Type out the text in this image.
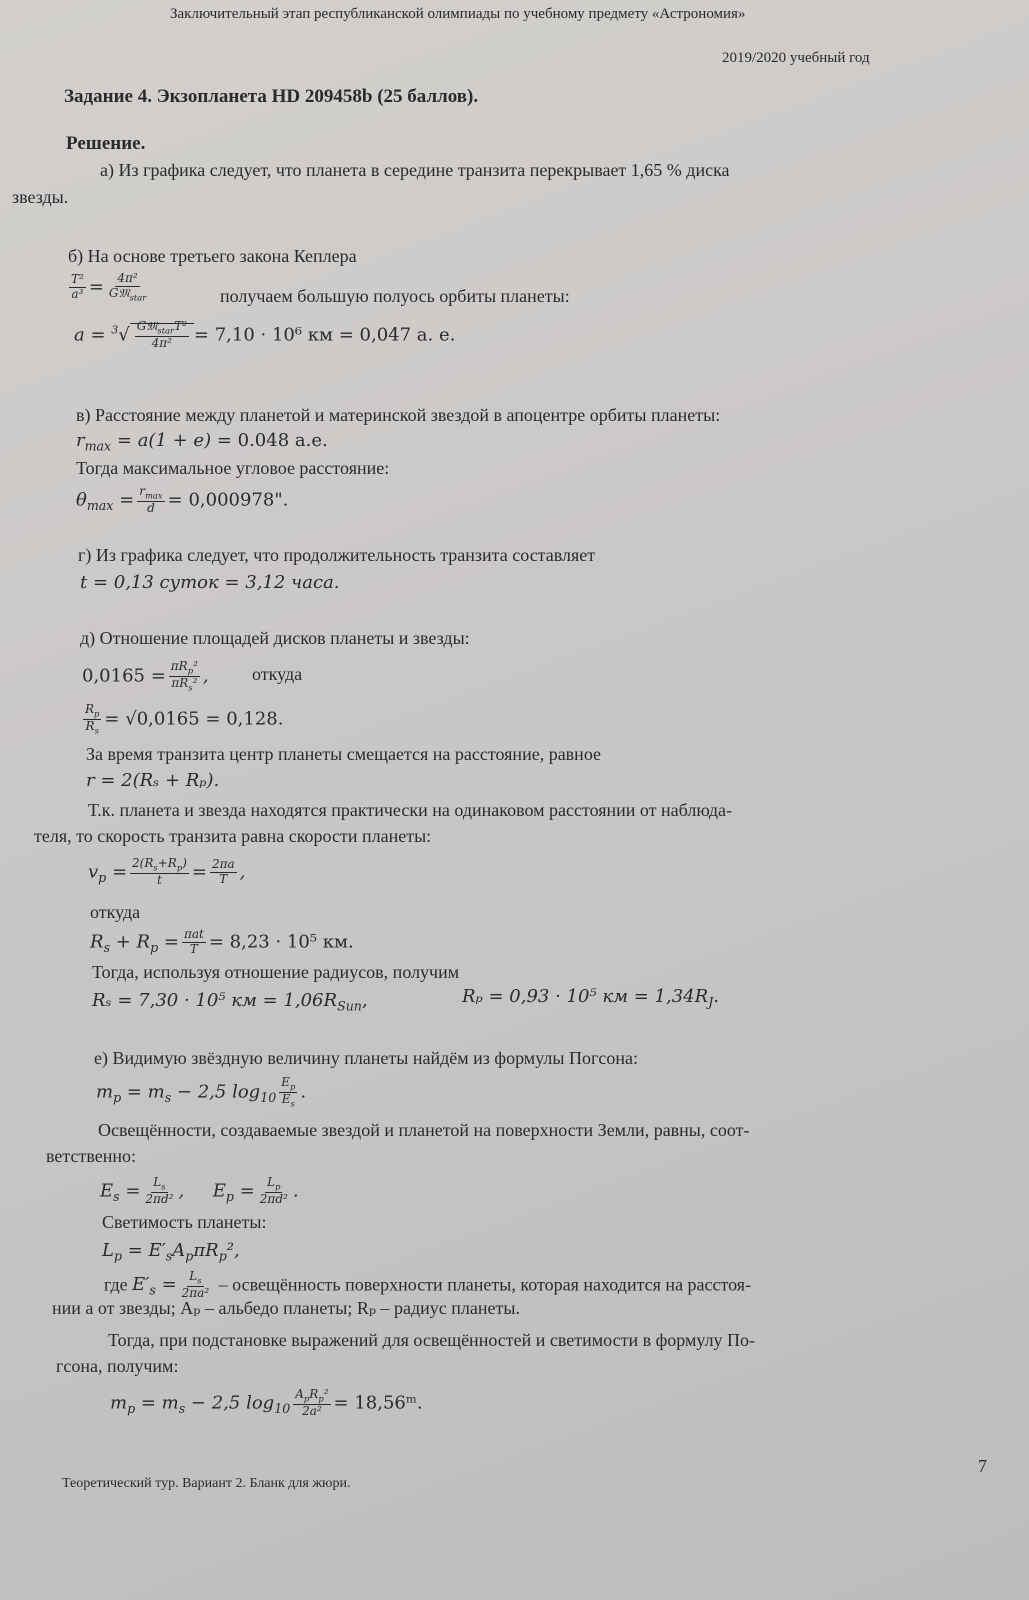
Заключительный этап республиканской олимпиады по учебному предмету «Астрономия»
2019/2020 учебный год
Задание 4. Экзопланета HD 209458b (25 баллов).
Решение.
а) Из графика следует, что планета в середине транзита перекрывает 1,65 % диска
звезды.
б) На основе третьего закона Кеплера
$\frac{\text{T²}}{\text{a³}} = \frac{\text{4π²}}{G𝔐_{star}}$	получаем большую полуось орбиты планеты:
$a = ^3√ \frac{G𝔐_{star}T^2}{\text{4π²}} = 7,10 \cdot 10^6$ км = 0,047 а. е.
в) Расстояние между планетой и материнской звездой в апоцентре орбиты планеты:
$r_{max} = a(1 + e) = 0.048$ а.е.
Тогда максимальное угловое расстояние:
$\theta_{max} = \frac{r_{max}}{d} = 0,000978$".
г) Из графика следует, что продолжительность транзита составляет
t = 0,13 суток = 3,12 часа.
д) Отношение площадей дисков планеты и звезды:
$0,0165 = \frac{\pi R_p^2}{\pi R_s^2}$ , откуда
$\frac{R_p}{R_s} = √0,0165 = 0,128$.
За время транзита центр планеты смещается на расстояние, равное
r = 2(Rₛ + Rₚ).
Т.к. планета и звезда находятся практически на одинаковом расстоянии от наблюда-
теля, то скорость транзита равна скорости планеты:
$v_p = \frac{2(R_s+R_p)}{t} = \frac{2\pi a}{T}$ ,
откуда
$R_s + R_p = \frac{\text{πat}}{T} = 8,23 \cdot 10^5$ км.
Тогда, используя отношение радиусов, получим
Rₛ = 7,30 · 10⁵ км = $1,06R_{Sun}$,	Rₚ = 0,93 · 10⁵ км = $1,34R_J$.
е) Видимую звёздную величину планеты найдём из формулы Погсона:
$m_p = m_s - 2,5$ $\log_{10} \frac{E_p}{E_s}$ .
Освещённости, создаваемые звездой и планетой на поверхности Земли, равны, соот-
ветственно:
$E_s = \frac{L_s}{\text{2πd²}}$ ,     $E_p = \frac{L_p}{\text{2πd²}}$ .
Светимость планеты:
$L_p = E'_sA_p\pi R_p^2$,
где $E'_s = \frac{L_s}{\text{2πa²}}$ – освещённость поверхности планеты, которая находится на расстоя-
нии a от звезды; Aₚ – альбедо планеты; Rₚ – радиус планеты.
Тогда, при подстановке выражений для освещённостей и светимости в формулу По-
гсона, получим:
$m_p = m_s - 2,5$ $\log_{10} \frac{A_pR_p^2}{\text{2a²}}$ = 18,56ᵐ.
7
Теоретический тур. Вариант 2. Бланк для жюри.
